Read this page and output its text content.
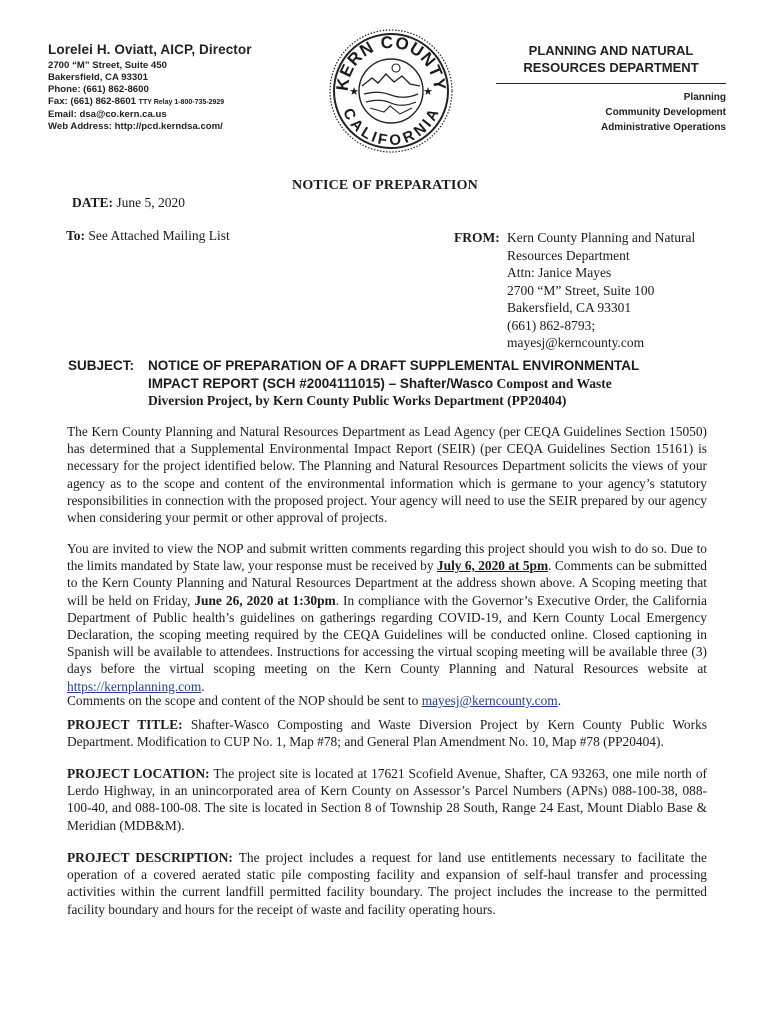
Lorelei H. Oviatt, AICP, Director
2700 “M” Street, Suite 450
Bakersfield, CA 93301
Phone: (661) 862-8600
Fax: (661) 862-8601 TTY Relay 1-800-735-2929
Email: dsa@co.kern.ca.us
Web Address: http://pcd.kerndsa.com/
KERN COUNTY
CALIFORNIA
★	★
PLANNING AND NATURAL
RESOURCES DEPARTMENT
Planning
Community Development
Administrative Operations
NOTICE OF PREPARATION
DATE: June 5, 2020
To: See Attached Mailing List	FROM: Kern County Planning and Natural
Resources Department
Attn: Janice Mayes
2700 “M” Street, Suite 100
Bakersfield, CA 93301
(661) 862-8793;
mayesj@kerncounty.com
SUBJECT: NOTICE OF PREPARATION OF A DRAFT SUPPLEMENTAL ENVIRONMENTAL
IMPACT REPORT (SCH #2004111015) – Shafter/Wasco Compost and Waste
Diversion Project, by Kern County Public Works Department (PP20404)
The Kern County Planning and Natural Resources Department as Lead Agency (per CEQA Guidelines Section 15050) has determined that a Supplemental Environmental Impact Report (SEIR) (per CEQA Guidelines Section 15161) is necessary for the project identified below. The Planning and Natural Resources Department solicits the views of your agency as to the scope and content of the environmental information which is germane to your agency’s statutory responsibilities in connection with the proposed project. Your agency will need to use the SEIR prepared by our agency when considering your permit or other approval of projects.
You are invited to view the NOP and submit written comments regarding this project should you wish to do so. Due to the limits mandated by State law, your response must be received by July 6, 2020 at 5pm. Comments can be submitted to the Kern County Planning and Natural Resources Department at the address shown above. A Scoping meeting that will be held on Friday, June 26, 2020 at 1:30pm. In compliance with the Governor’s Executive Order, the California Department of Public health’s guidelines on gatherings regarding COVID-19, and Kern County Local Emergency Declaration, the scoping meeting required by the CEQA Guidelines will be conducted online. Closed captioning in Spanish will be available to attendees. Instructions for accessing the virtual scoping meeting will be available three (3) days before the virtual scoping meeting on the Kern County Planning and Natural Resources website at https://kernplanning.com.
Comments on the scope and content of the NOP should be sent to mayesj@kerncounty.com.
PROJECT TITLE: Shafter-Wasco Composting and Waste Diversion Project by Kern County Public Works Department. Modification to CUP No. 1, Map #78; and General Plan Amendment No. 10, Map #78 (PP20404).
PROJECT LOCATION: The project site is located at 17621 Scofield Avenue, Shafter, CA 93263, one mile north of Lerdo Highway, in an unincorporated area of Kern County on Assessor’s Parcel Numbers (APNs) 088-100-38, 088-100-40, and 088-100-08. The site is located in Section 8 of Township 28 South, Range 24 East, Mount Diablo Base & Meridian (MDB&M).
PROJECT DESCRIPTION: The project includes a request for land use entitlements necessary to facilitate the operation of a covered aerated static pile composting facility and expansion of self-haul transfer and processing activities within the current landfill permitted facility boundary. The project includes the increase to the permitted facility boundary and hours for the receipt of waste and facility operating hours.
